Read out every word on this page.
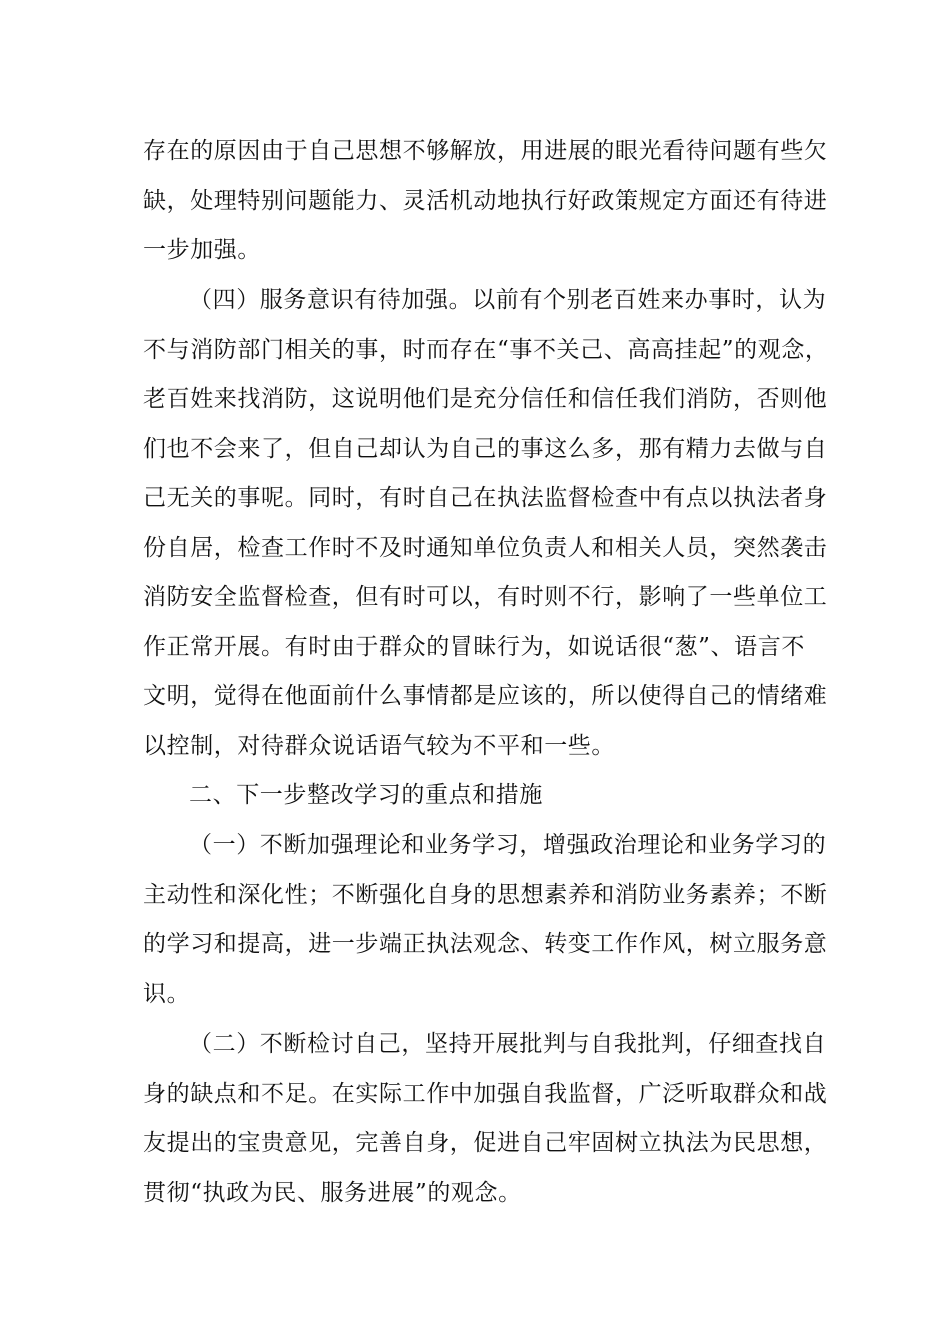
存在的原因由于自己思想不够解放，用进展的眼光看待问题有些欠
缺，处理特别问题能力、灵活机动地执行好政策规定方面还有待进
一步加强。
（四）服务意识有待加强。以前有个别老百姓来办事时，认为
不与消防部门相关的事，时而存在“事不关己、高高挂起”的观念，
老百姓来找消防，这说明他们是充分信任和信任我们消防，否则他
们也不会来了，但自己却认为自己的事这么多，那有精力去做与自
己无关的事呢。同时，有时自己在执法监督检查中有点以执法者身
份自居，检查工作时不及时通知单位负责人和相关人员，突然袭击
消防安全监督检查，但有时可以，有时则不行，影响了一些单位工
作正常开展。有时由于群众的冒昧行为，如说话很“葱”、语言不
文明，觉得在他面前什么事情都是应该的，所以使得自己的情绪难
以控制，对待群众说话语气较为不平和一些。
二、下一步整改学习的重点和措施
（一）不断加强理论和业务学习，增强政治理论和业务学习的
主动性和深化性；不断强化自身的思想素养和消防业务素养；不断
的学习和提高，进一步端正执法观念、转变工作作风，树立服务意
识。
（二）不断检讨自己，坚持开展批判与自我批判，仔细查找自
身的缺点和不足。在实际工作中加强自我监督，广泛听取群众和战
友提出的宝贵意见，完善自身，促进自己牢固树立执法为民思想，
贯彻“执政为民、服务进展”的观念。
